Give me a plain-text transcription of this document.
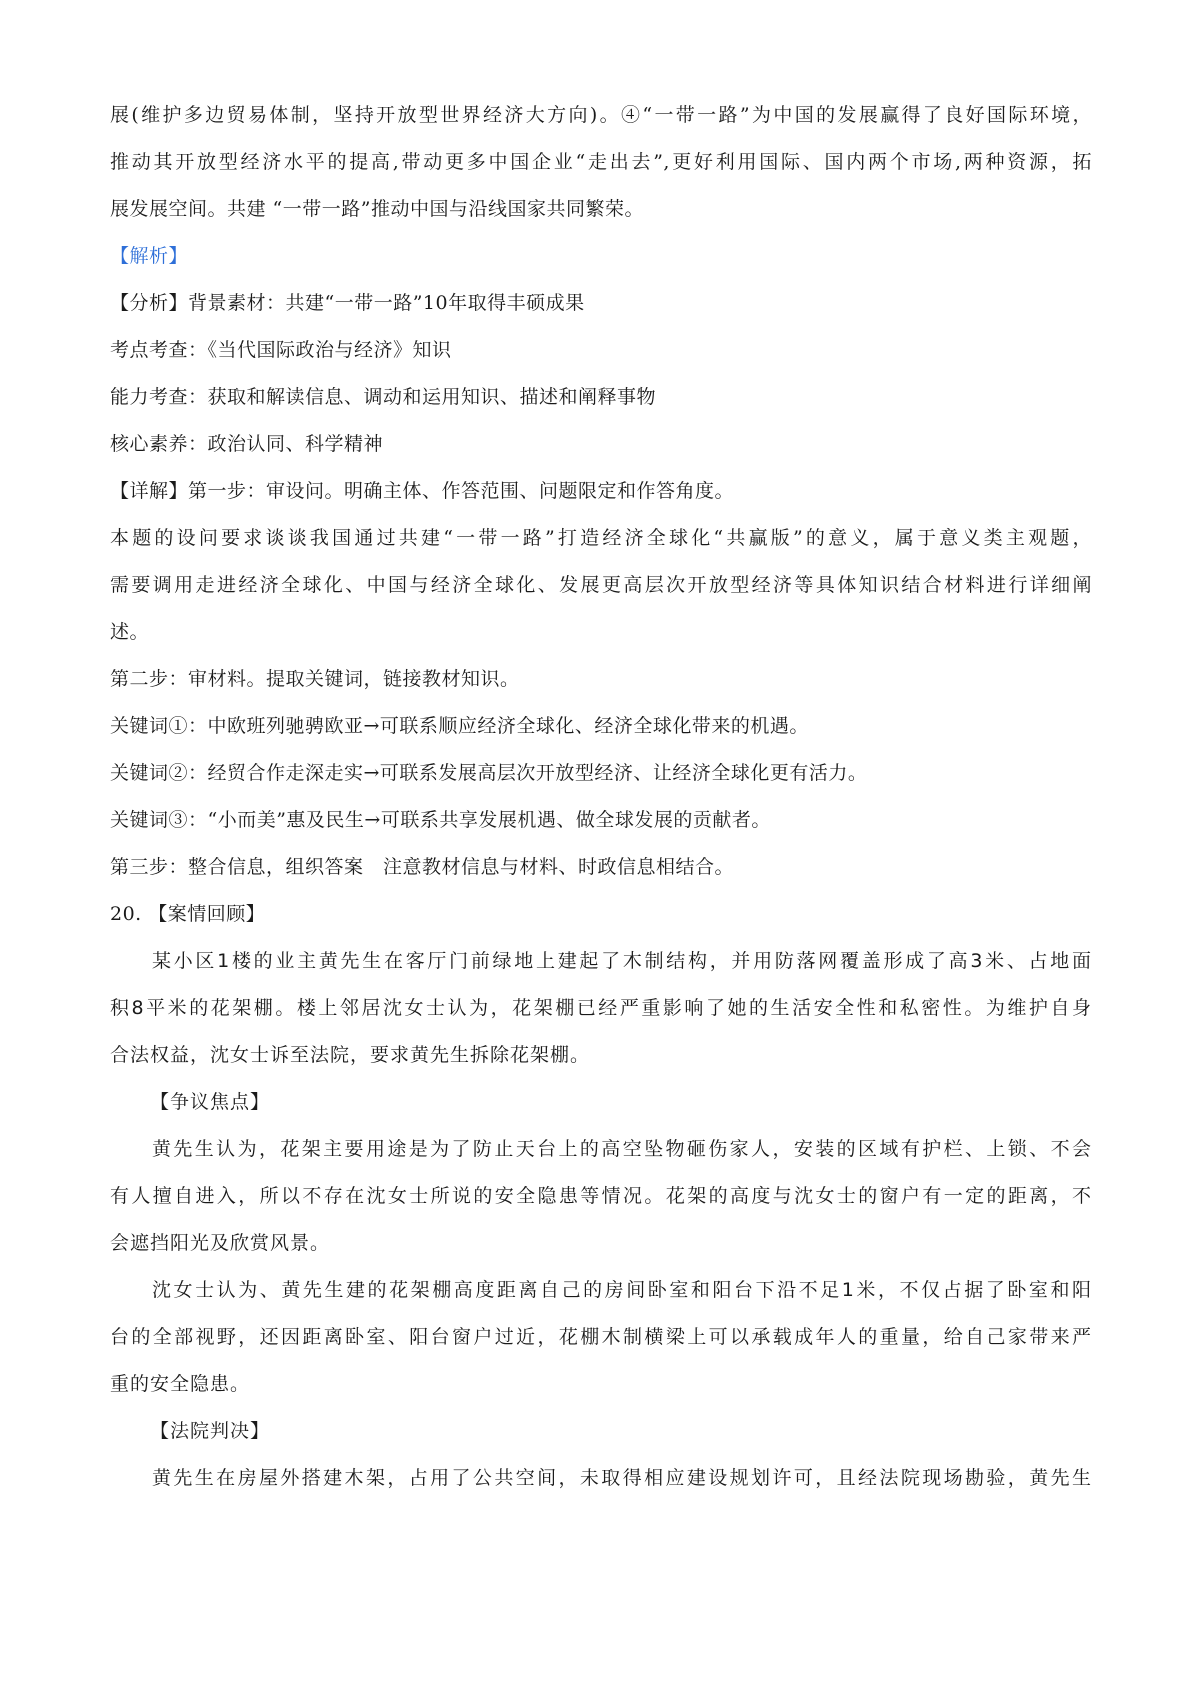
展(维护多边贸易体制，坚持开放型世界经济大方向)。④“一带一路”为中国的发展赢得了良好国际环境，
推动其开放型经济水平的提高,带动更多中国企业“走出去”,更好利用国际、国内两个市场,两种资源，拓
展发展空间。共建 “一带一路”推动中国与沿线国家共同繁荣。
【解析】
【分析】背景素材：共建“一带一路”10年取得丰硕成果
考点考查：《当代国际政治与经济》知识
能力考查：获取和解读信息、调动和运用知识、描述和阐释事物
核心素养：政治认同、科学精神
【详解】第一步：审设问。明确主体、作答范围、问题限定和作答角度。
本题的设问要求谈谈我国通过共建“一带一路”打造经济全球化“共赢版”的意义，属于意义类主观题，
需要调用走进经济全球化、中国与经济全球化、发展更高层次开放型经济等具体知识结合材料进行详细阐
述。
第二步：审材料。提取关键词，链接教材知识。
关键词①：中欧班列驰骋欧亚→可联系顺应经济全球化、经济全球化带来的机遇。
关键词②：经贸合作走深走实→可联系发展高层次开放型经济、让经济全球化更有活力。
关键词③：“小而美”惠及民生→可联系共享发展机遇、做全球发展的贡献者。
第三步：整合信息，组织答案　注意教材信息与材料、时政信息相结合。
20. 【案情回顾】
某小区1楼的业主黄先生在客厅门前绿地上建起了木制结构，并用防落网覆盖形成了高3米、占地面
积8平米的花架棚。楼上邻居沈女士认为，花架棚已经严重影响了她的生活安全性和私密性。为维护自身
合法权益，沈女士诉至法院，要求黄先生拆除花架棚。
【争议焦点】
黄先生认为，花架主要用途是为了防止天台上的高空坠物砸伤家人，安装的区域有护栏、上锁、不会
有人擅自进入，所以不存在沈女士所说的安全隐患等情况。花架的高度与沈女士的窗户有一定的距离，不
会遮挡阳光及欣赏风景。
沈女士认为、黄先生建的花架棚高度距离自己的房间卧室和阳台下沿不足1米，不仅占据了卧室和阳
台的全部视野，还因距离卧室、阳台窗户过近，花棚木制横梁上可以承载成年人的重量，给自己家带来严
重的安全隐患。
【法院判决】
黄先生在房屋外搭建木架，占用了公共空间，未取得相应建设规划许可，且经法院现场勘验，黄先生
